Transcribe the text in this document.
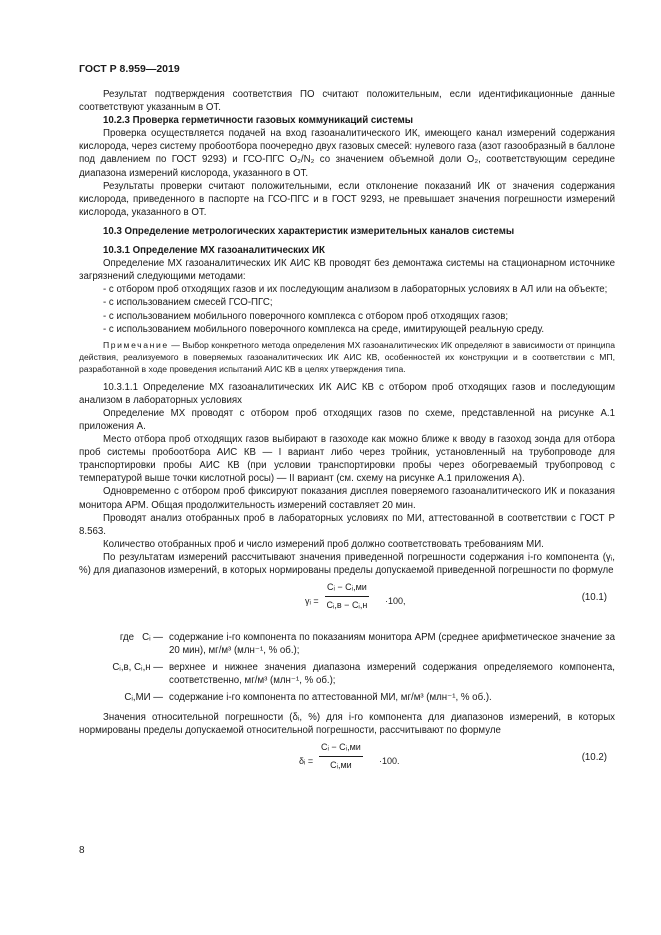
ГОСТ Р 8.959—2019

Результат подтверждения соответствия ПО считают положительным, если идентификационные данные соответствуют указанным в ОТ.

10.2.3 Проверка герметичности газовых коммуникаций системы

Проверка осуществляется подачей на вход газоаналитического ИК, имеющего канал измерений содержания кислорода, через систему пробоотбора поочередно двух газовых смесей: нулевого газа (азот газообразный в баллоне под давлением по ГОСТ 9293) и ГСО-ПГС O₂/N₂ со значением объемной доли O₂, соответствующим середине диапазона измерений кислорода, указанного в ОТ.

Результаты проверки считают положительными, если отклонение показаний ИК от значения содержания кислорода, приведенного в паспорте на ГСО-ПГС и в ГОСТ 9293, не превышает значения погрешности измерений кислорода, указанного в ОТ.

10.3 Определение метрологических характеристик измерительных каналов системы

10.3.1 Определение МХ газоаналитических ИК

Определение МХ газоаналитических ИК АИС КВ проводят без демонтажа системы на стационарном источнике загрязнений следующими методами:

- с отбором проб отходящих газов и их последующим анализом в лабораторных условиях в АЛ или на объекте;

- с использованием смесей ГСО-ПГС;

- с использованием мобильного поверочного комплекса с отбором проб отходящих газов;

- с использованием мобильного поверочного комплекса на среде, имитирующей реальную среду.

Примечание — Выбор конкретного метода определения МХ газоаналитических ИК определяют в зависимости от принципа действия, реализуемого в поверяемых газоаналитических ИК АИС КВ, особенностей их конструкции и в соответствии с МП, разработанной в ходе проведения испытаний АИС КВ в целях утверждения типа.

10.3.1.1 Определение МХ газоаналитических ИК АИС КВ с отбором проб отходящих газов и последующим анализом в лабораторных условиях

Определение МХ проводят с отбором проб отходящих газов по схеме, представленной на рисунке А.1 приложения А.

Место отбора проб отходящих газов выбирают в газоходе как можно ближе к вводу в газоход зонда для отбора проб системы пробоотбора АИС КВ — I вариант либо через тройник, установленный на трубопроводе для транспортировки пробы АИС КВ (при условии транспортировки пробы через обогреваемый трубопровод с температурой выше точки кислотной росы) — II вариант (см. схему на рисунке А.1 приложения А).

Одновременно с отбором проб фиксируют показания дисплея поверяемого газоаналитического ИК и показания монитора АРМ. Общая продолжительность измерений составляет 20 мин.

Проводят анализ отобранных проб в лабораторных условиях по МИ, аттестованной в соответствии с ГОСТ Р 8.563.

Количество отобранных проб и число измерений проб должно соответствовать требованиям МИ.

По результатам измерений рассчитывают значения приведенной погрешности содержания i-го компонента (γᵢ, %) для диапазонов измерений, в которых нормированы пределы допускаемой приведенной погрешности по формуле

γᵢ =
Cᵢ − Cᵢ,ми
Cᵢ,в − Cᵢ,н ·100,	(10.1)
где Cᵢ — содержание i-го компонента по показаниям монитора АРМ (среднее арифметическое значение за 20 мин), мг/м³ (млн⁻¹, % об.);

Cᵢ,в, Cᵢ,н — верхнее и нижнее значения диапазона измерений содержания определяемого компонента, соответственно, мг/м³ (млн⁻¹, % об.);

Cᵢ,МИ — содержание i-го компонента по аттестованной МИ, мг/м³ (млн⁻¹, % об.).

Значения относительной погрешности (δᵢ, %) для i-го компонента для диапазонов измерений, в которых нормированы пределы допускаемой относительной погрешности, рассчитывают по формуле

δᵢ =
Cᵢ − Cᵢ,ми
Cᵢ,ми	·100.	(10.2)
8
